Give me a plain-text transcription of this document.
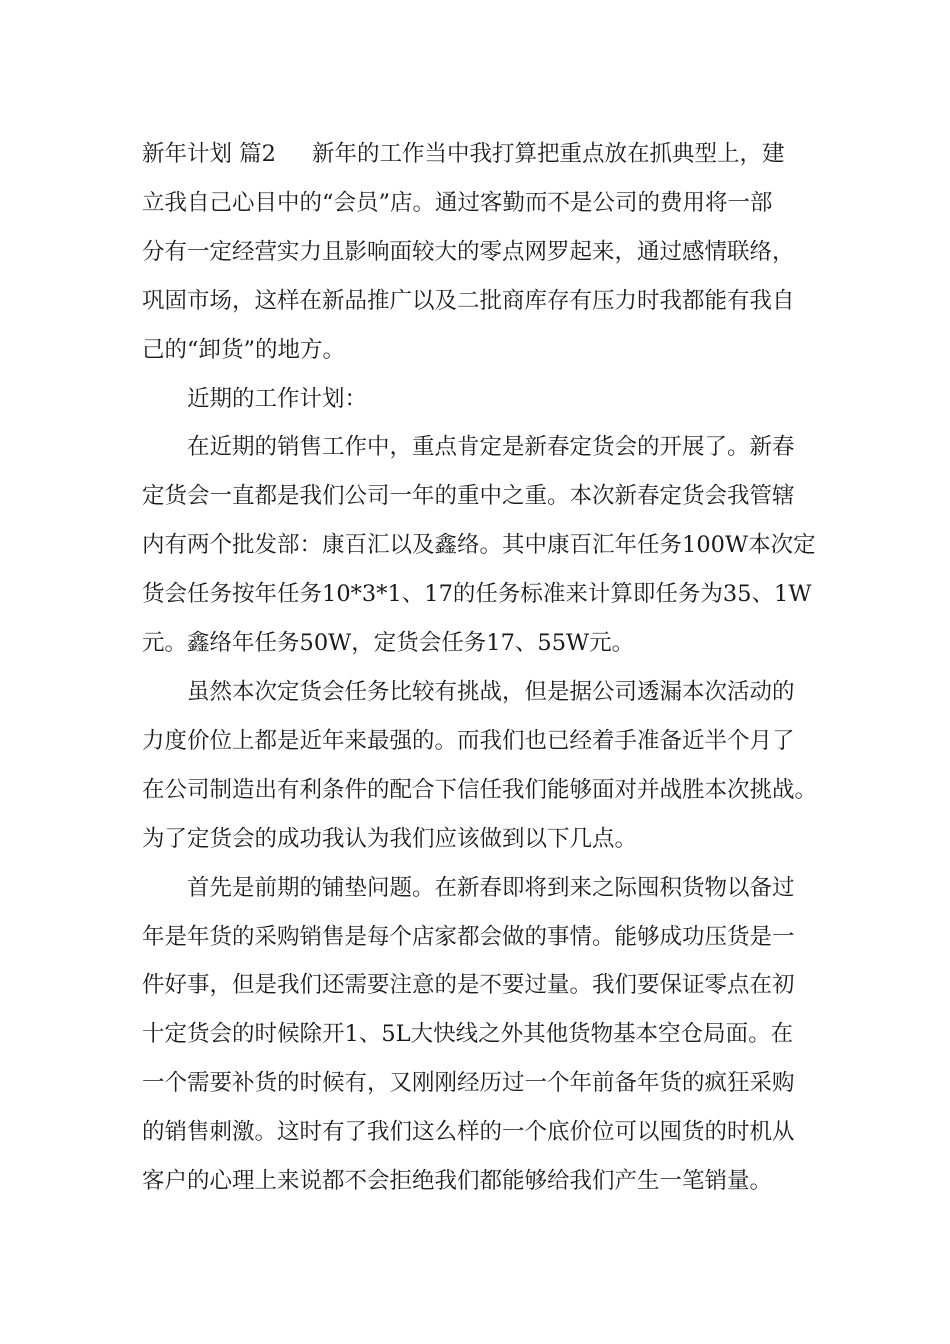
新年计划 篇2 新年的工作当中我打算把重点放在抓典型上，建
立我自己心目中的“会员”店。通过客勤而不是公司的费用将一部
分有一定经营实力且影响面较大的零点网罗起来，通过感情联络，
巩固市场，这样在新品推广以及二批商库存有压力时我都能有我自
己的“卸货”的地方。

近期的工作计划：

在近期的销售工作中，重点肯定是新春定货会的开展了。新春
定货会一直都是我们公司一年的重中之重。本次新春定货会我管辖
内有两个批发部：康百汇以及鑫络。其中康百汇年任务100W本次定
货会任务按年任务10*3*1、17的任务标准来计算即任务为35、1W
元。鑫络年任务50W，定货会任务17、55W元。

虽然本次定货会任务比较有挑战，但是据公司透漏本次活动的
力度价位上都是近年来最强的。而我们也已经着手准备近半个月了
在公司制造出有利条件的配合下信任我们能够面对并战胜本次挑战。
为了定货会的成功我认为我们应该做到以下几点。

首先是前期的铺垫问题。在新春即将到来之际囤积货物以备过
年是年货的采购销售是每个店家都会做的事情。能够成功压货是一
件好事，但是我们还需要注意的是不要过量。我们要保证零点在初
十定货会的时候除开1、5L大快线之外其他货物基本空仓局面。在
一个需要补货的时候有，又刚刚经历过一个年前备年货的疯狂采购
的销售刺激。这时有了我们这么样的一个底价位可以囤货的时机从
客户的心理上来说都不会拒绝我们都能够给我们产生一笔销量。
